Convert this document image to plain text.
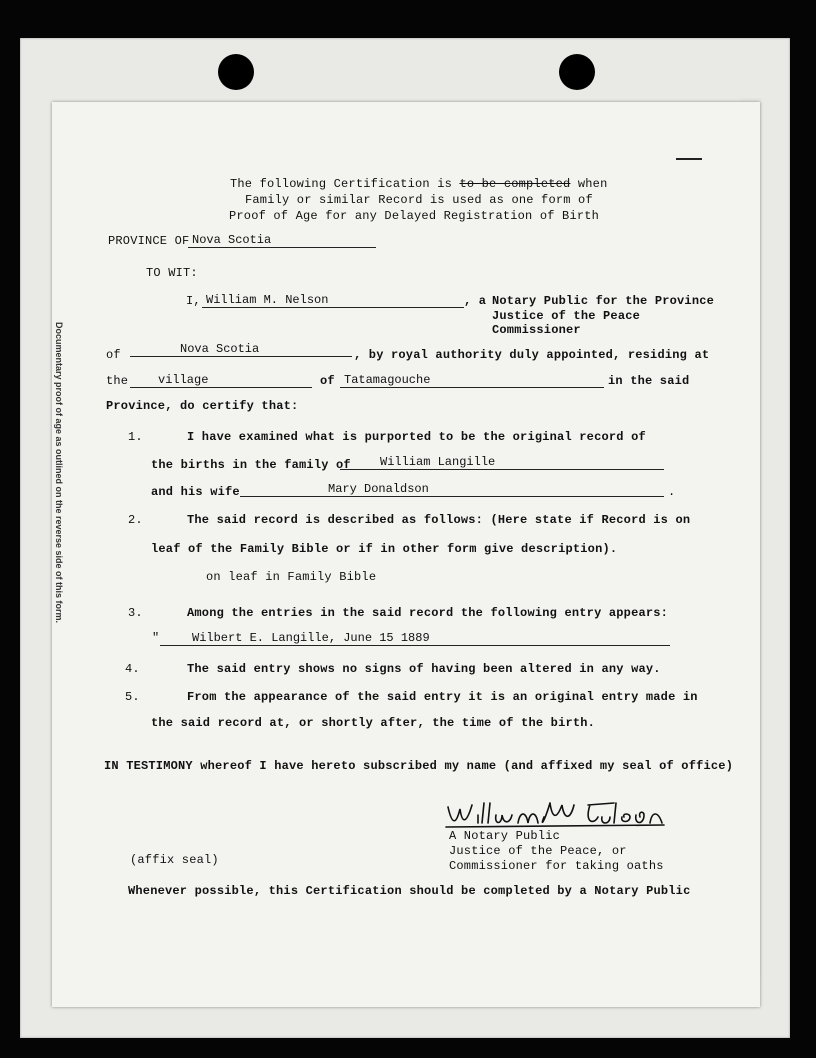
Documentary proof of age as outlined on the reverse side of this form.
The following Certification is to be completed when
Family or similar Record is used as one form of
Proof of Age for any Delayed Registration of Birth
PROVINCE OF Nova Scotia
TO WIT:
I, William M. Nelson	, a Notary Public for the Province
Justice of the Peace
Commissioner
of	Nova Scotia	, by royal authority duly appointed, residing at
the	village	of Tatamagouche	in the said
Province, do certify that:
1.	I have examined what is purported to be the original record of
the births in the family of	William Langille
and his wife	Mary Donaldson	.
2.	The said record is described as follows: (Here state if Record is on
leaf of the Family Bible or if in other form give description).
on leaf in Family Bible
3.	Among the entries in the said record the following entry appears:
"	Wilbert E. Langille, June 15 1889
4.	The said entry shows no signs of having been altered in any way.
5.	From the appearance of the said entry it is an original entry made in
the said record at, or shortly after, the time of the birth.
IN TESTIMONY whereof I have hereto subscribed my name (and affixed my seal of office)
A Notary Public
Justice of the Peace, or
Commissioner for taking oaths
(affix seal)
Whenever possible, this Certification should be completed by a Notary Public
